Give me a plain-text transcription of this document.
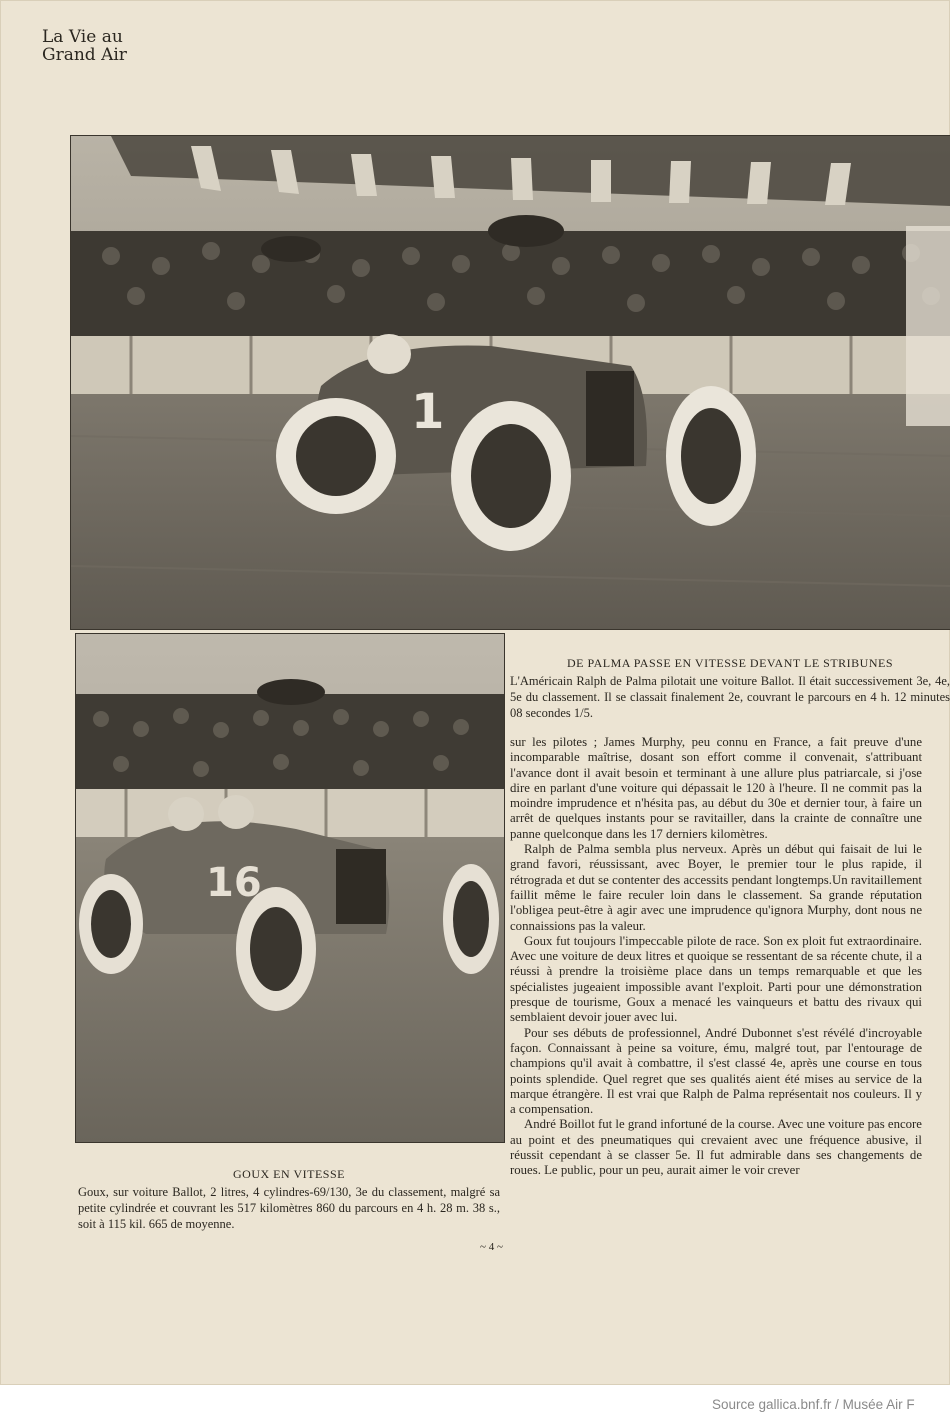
La Vie au
Grand Air
1
16

DE PALMA PASSE EN VITESSE DEVANT LE STRIBUNES

L'Américain Ralph de Palma pilotait une voiture Ballot. Il était successivement 3e, 4e, 5e du classement. Il se classait finalement 2e, couvrant le parcours en 4 h. 12 minutes 08 secondes 1/5.

sur les pilotes ; James Murphy, peu connu en France, a fait preuve d'une incomparable maîtrise, dosant son effort comme il convenait, s'attribuant l'avance dont il avait besoin et terminant à une allure plus patriarcale, si j'ose dire en parlant d'une voiture qui dépassait le 120 à l'heure. Il ne commit pas la moindre imprudence et n'hésita pas, au début du 30e et dernier tour, à faire un arrêt de quelques instants pour se ravitailler, dans la crainte de connaître une panne quelconque dans les 17 derniers kilomètres.

Ralph de Palma sembla plus nerveux. Après un début qui faisait de lui le grand favori, réussissant, avec Boyer, le premier tour le plus rapide, il rétrograda et dut se contenter des accessits pendant longtemps.Un ravitaillement faillit même le faire reculer loin dans le classement. Sa grande réputation l'obligea peut-être à agir avec une imprudence qu'ignora Murphy, dont nous ne connaissions pas la valeur.

Goux fut toujours l'impeccable pilote de race. Son ex ploit fut extraordinaire. Avec une voiture de deux litres et quoique se ressentant de sa récente chute, il a réussi à prendre la troisième place dans un temps remarquable et que les spécialistes jugeaient impossible avant l'exploit. Parti pour une démonstration presque de tourisme, Goux a menacé les vainqueurs et battu des rivaux qui semblaient devoir jouer avec lui.

Pour ses débuts de professionnel, André Dubonnet s'est révélé d'incroyable façon. Connaissant à peine sa voiture, ému, malgré tout, par l'entourage de champions qu'il avait à combattre, il s'est classé 4e, après une course en tous points splendide. Quel regret que ses qualités aient été mises au service de la marque étrangère. Il est vrai que Ralph de Palma représentait nos couleurs. Il y a compensation.

André Boillot fut le grand infortuné de la course. Avec une voiture pas encore au point et des pneumatiques qui crevaient avec une fréquence abusive, il réussit cependant à se classer 5e. Il fut admirable dans ses changements de roues. Le public, pour un peu, aurait aimer le voir crever

GOUX EN VITESSE

Goux, sur voiture Ballot, 2 litres, 4 cylindres-69/130, 3e du classement, malgré sa petite cylindrée et couvrant les 517 kilomètres 860 du parcours en 4 h. 28 m. 38 s., soit à 115 kil. 665 de moyenne.

~ 4 ~
Source gallica.bnf.fr / Musée Air F
